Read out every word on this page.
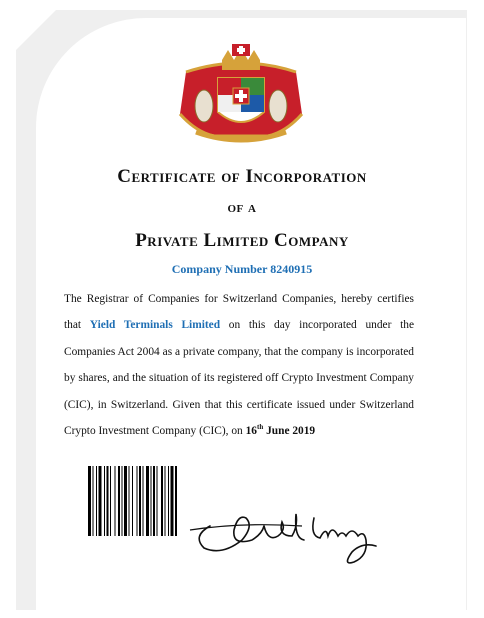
Certificate of Incorporation
of a
Private Limited Company
Company Number 8240915
The Registrar of Companies for Switzerland Companies, hereby certifies that Yield Terminals Limited on this day incorporated under the Companies Act 2004 as a private company, that the company is incorporated by shares, and the situation of its registered off Crypto Investment Company (CIC), in Switzerland. Given that this certificate issued under Switzerland Crypto Investment Company (CIC), on 16th June 2019
